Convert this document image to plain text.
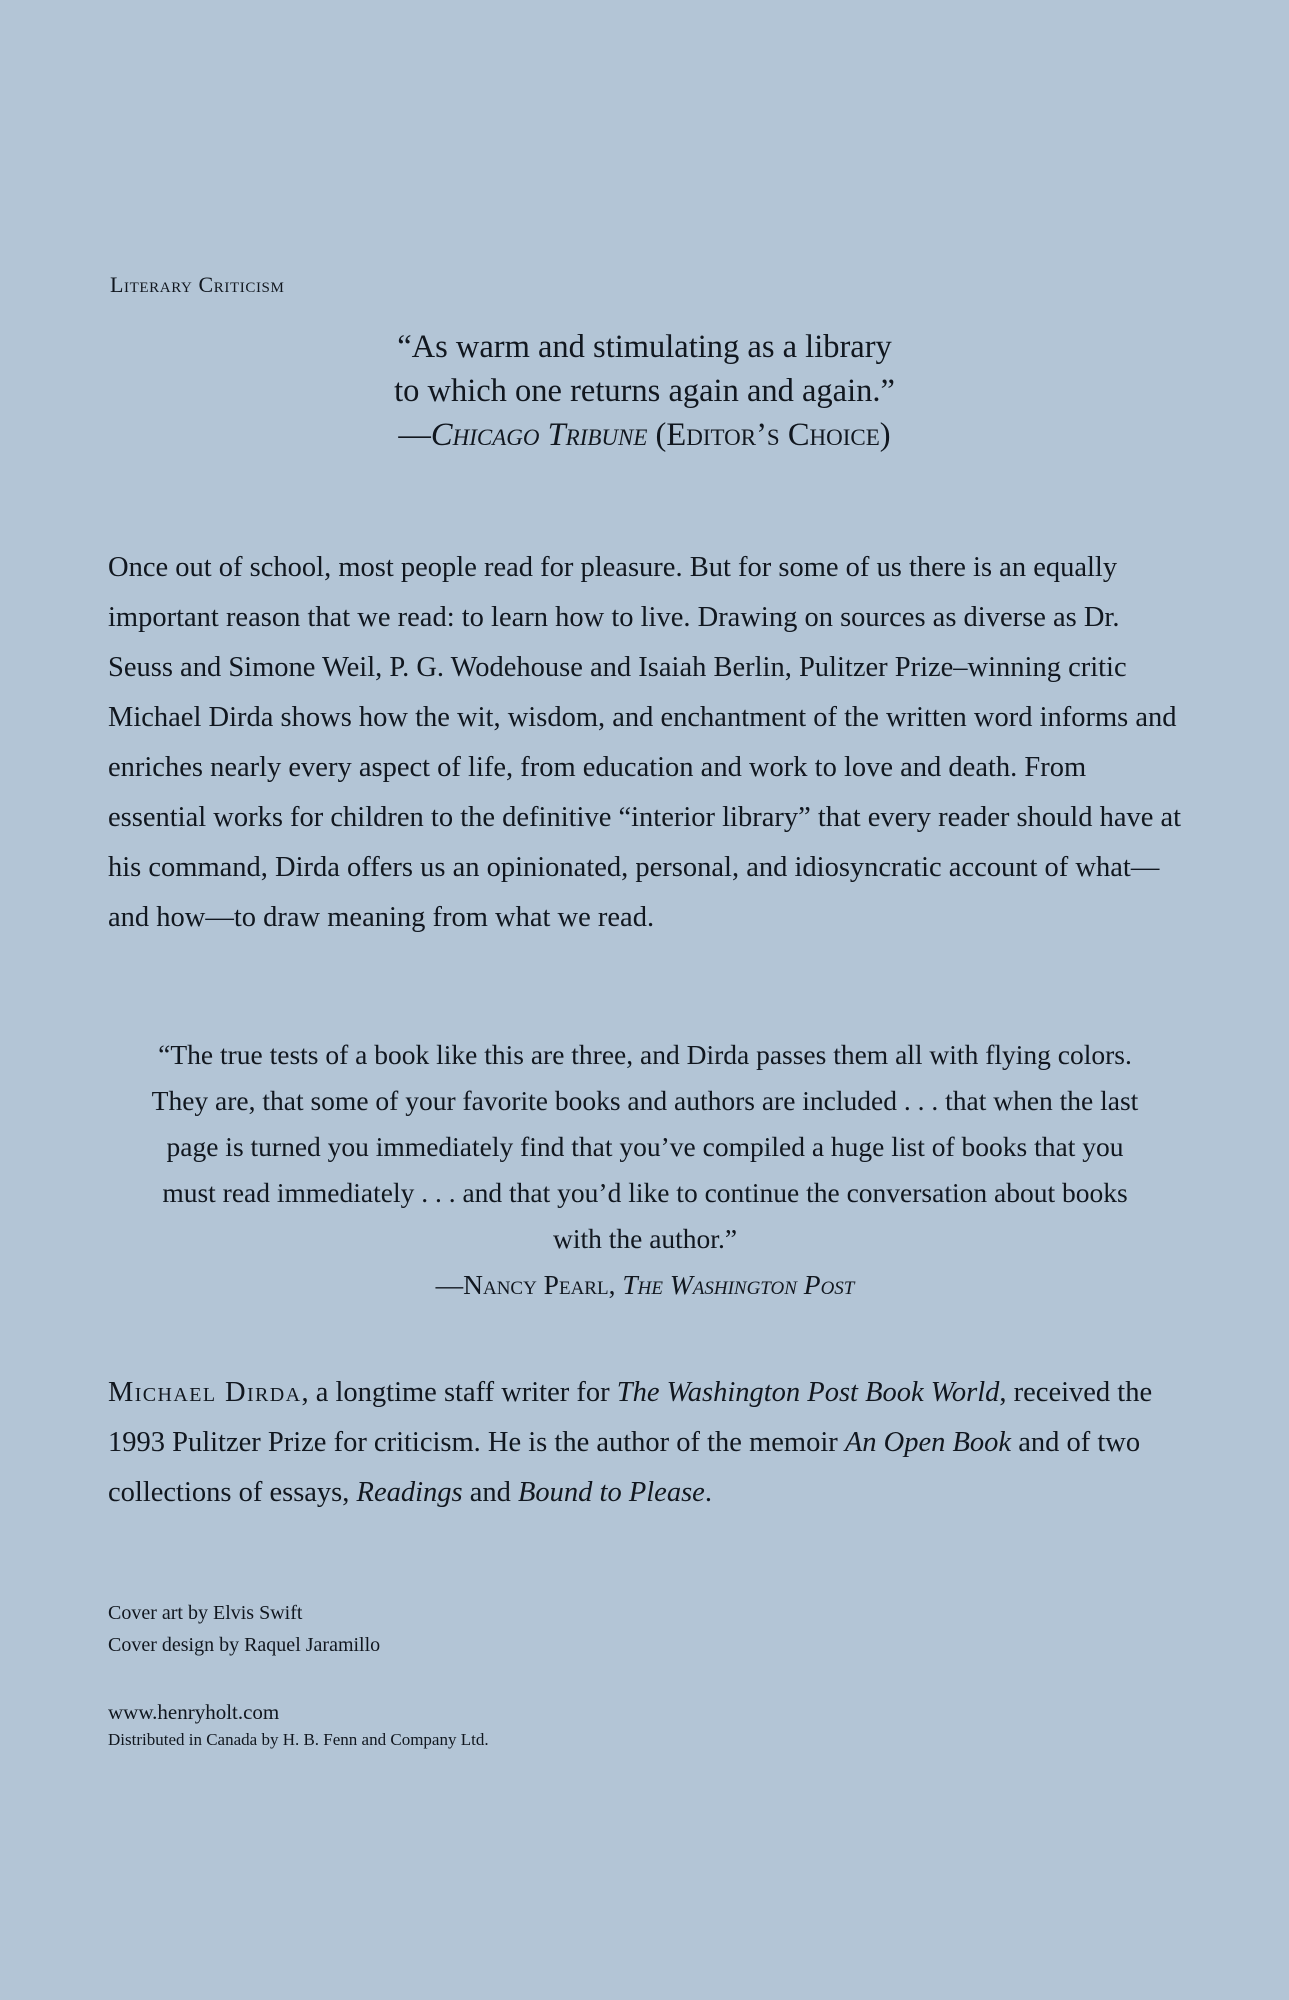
Literary Criticism
“As warm and stimulating as a library
to which one returns again and again.”

—Chicago Tribune (Editor’s Choice)
Once out of school, most people read for pleasure. But for some of us there is an equally important reason that we read: to learn how to live. Drawing on sources as diverse as Dr. Seuss and Simone Weil, P. G. Wodehouse and Isaiah Berlin, Pulitzer Prize–winning critic Michael Dirda shows how the wit, wisdom, and enchantment of the written word informs and enriches nearly every aspect of life, from education and work to love and death. From essential works for children to the definitive “interior library” that every reader should have at his command, Dirda offers us an opinionated, personal, and idiosyncratic account of what—and how—to draw meaning from what we read.
“The true tests of a book like this are three, and Dirda passes them all with flying colors. They are, that some of your favorite books and authors are included . . . that when the last page is turned you immediately find that you’ve compiled a huge list of books that you must read immediately . . . and that you’d like to continue the conversation about books with the author.”
—Nancy Pearl, The Washington Post
Michael Dirda, a longtime staff writer for The Washington Post Book World, received the 1993 Pulitzer Prize for criticism. He is the author of the memoir An Open Book and of two collections of essays, Readings and Bound to Please.
Cover art by Elvis Swift
Cover design by Raquel Jaramillo
www.henryholt.com
Distributed in Canada by H. B. Fenn and Company Ltd.
